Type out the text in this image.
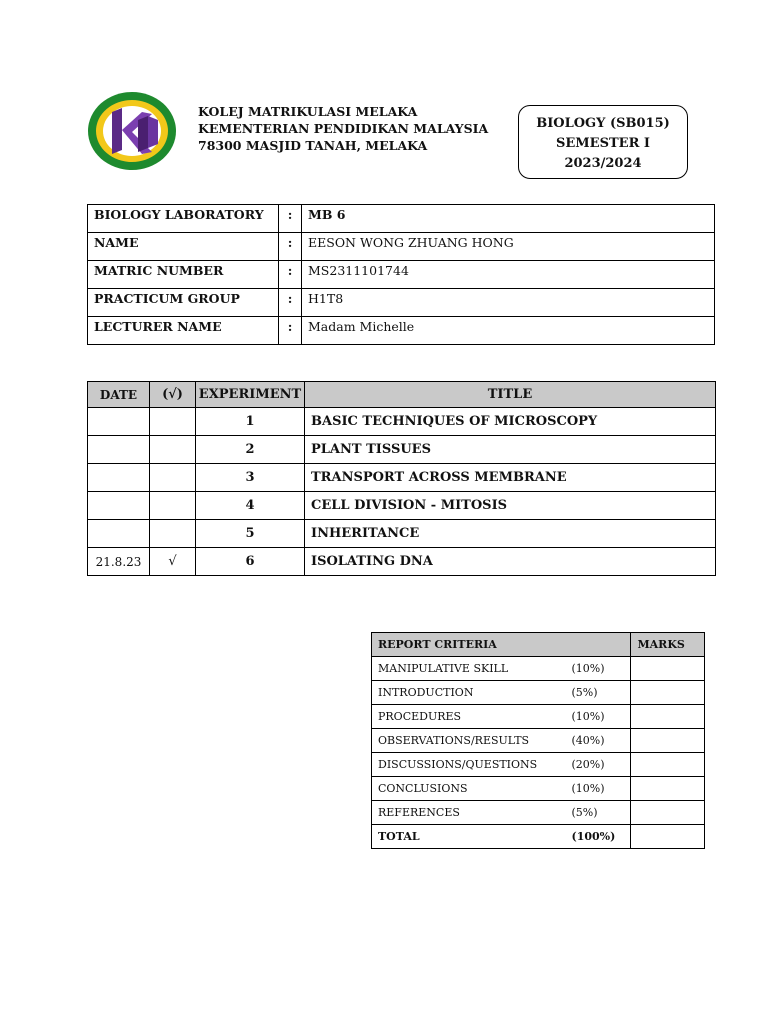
KOLEJ MATRIKULASI MELAKA
KEMENTERIAN PENDIDIKAN MALAYSIA
78300 MASJID TANAH, MELAKA
BIOLOGY (SB015)
SEMESTER I
2023/2024
BIOLOGY LABORATORY	:	MB 6
NAME	:	EESON WONG ZHUANG HONG
MATRIC NUMBER	:	MS2311101744
PRACTICUM GROUP	:	H1T8
LECTURER NAME	:	Madam Michelle
DATE	(√)	EXPERIMENT	TITLE
		1	BASIC TECHNIQUES OF MICROSCOPY
		2	PLANT TISSUES
		3	TRANSPORT ACROSS MEMBRANE
		4	CELL DIVISION - MITOSIS
		5	INHERITANCE
21.8.23	√	6	ISOLATING DNA
REPORT CRITERIA		MARKS
MANIPULATIVE SKILL	(10%)	
INTRODUCTION	(5%)	
PROCEDURES	(10%)	
OBSERVATIONS/RESULTS	(40%)	
DISCUSSIONS/QUESTIONS	(20%)	
CONCLUSIONS	(10%)	
REFERENCES	(5%)	
TOTAL	(100%)	
